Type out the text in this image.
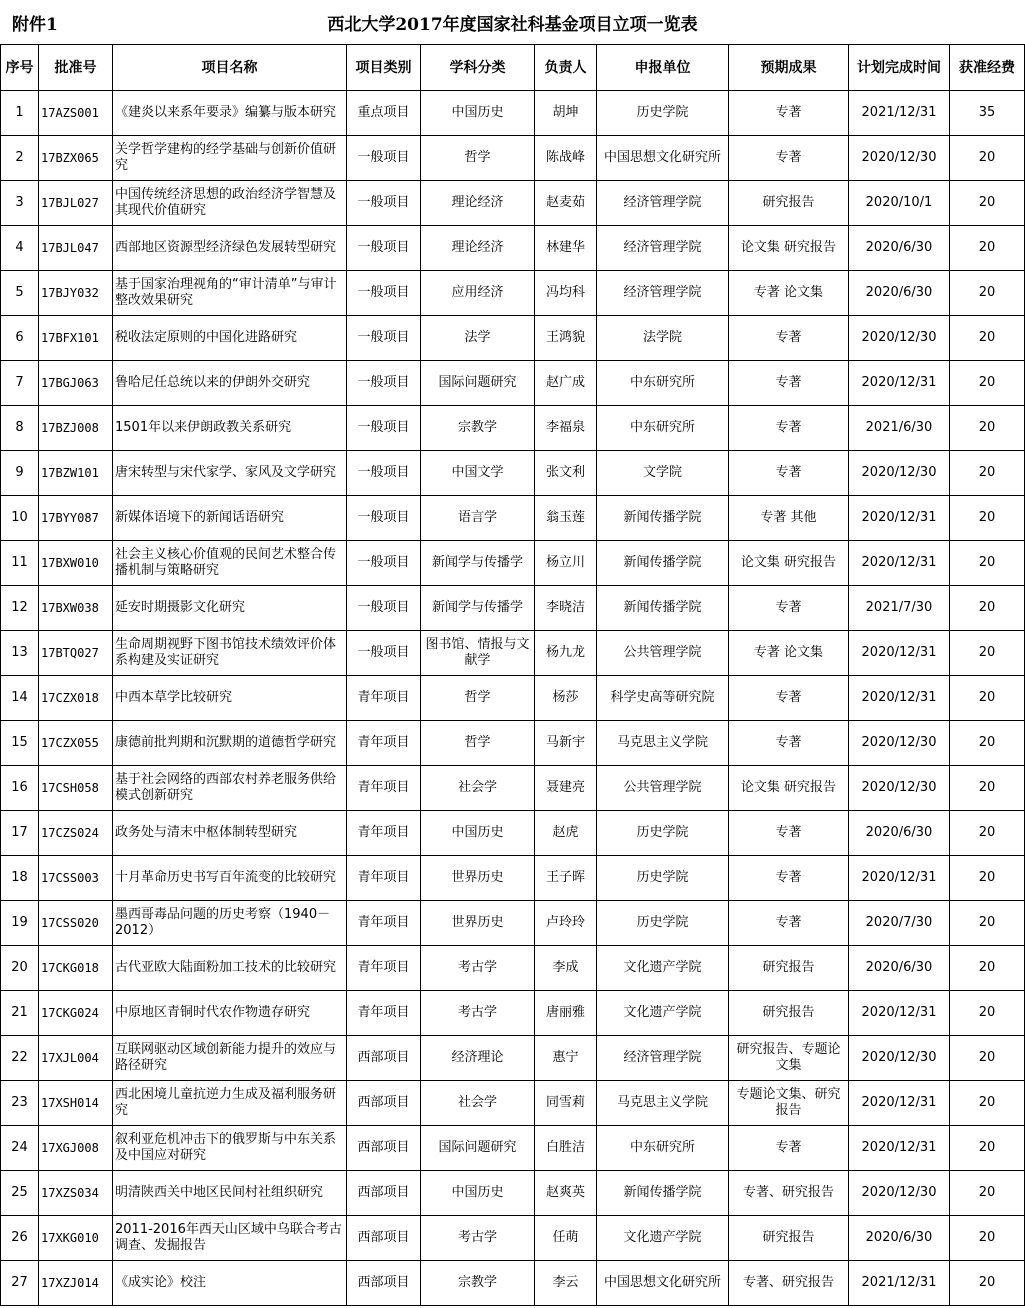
附件1	西北大学2017年度国家社科基金项目立项一览表
序号	批准号	项目名称	项目类别	学科分类	负责人	申报单位	预期成果	计划完成时间	获准经费
1	17AZS001	《建炎以来系年要录》编纂与版本研究	重点项目	中国历史	胡坤	历史学院	专著	2021/12/31	35
2	17BZX065	关学哲学建构的经学基础与创新价值研究	一般项目	哲学	陈战峰	中国思想文化研究所	专著	2020/12/30	20
3	17BJL027	中国传统经济思想的政治经济学智慧及其现代价值研究	一般项目	理论经济	赵麦茹	经济管理学院	研究报告	2020/10/1	20
4	17BJL047	西部地区资源型经济绿色发展转型研究	一般项目	理论经济	林建华	经济管理学院	论文集 研究报告	2020/6/30	20
5	17BJY032	基于国家治理视角的“审计清单”与审计整改效果研究	一般项目	应用经济	冯均科	经济管理学院	专著 论文集	2020/6/30	20
6	17BFX101	税收法定原则的中国化进路研究	一般项目	法学	王鸿貌	法学院	专著	2020/12/30	20
7	17BGJ063	鲁哈尼任总统以来的伊朗外交研究	一般项目	国际问题研究	赵广成	中东研究所	专著	2020/12/31	20
8	17BZJ008	1501年以来伊朗政教关系研究	一般项目	宗教学	李福泉	中东研究所	专著	2021/6/30	20
9	17BZW101	唐宋转型与宋代家学、家风及文学研究	一般项目	中国文学	张文利	文学院	专著	2020/12/30	20
10	17BYY087	新媒体语境下的新闻话语研究	一般项目	语言学	翁玉莲	新闻传播学院	专著 其他	2020/12/31	20
11	17BXW010	社会主义核心价值观的民间艺术整合传播机制与策略研究	一般项目	新闻学与传播学	杨立川	新闻传播学院	论文集 研究报告	2020/12/31	20
12	17BXW038	延安时期摄影文化研究	一般项目	新闻学与传播学	李晓洁	新闻传播学院	专著	2021/7/30	20
13	17BTQ027	生命周期视野下图书馆技术绩效评价体系构建及实证研究	一般项目	图书馆、情报与文献学	杨九龙	公共管理学院	专著 论文集	2020/12/31	20
14	17CZX018	中西本草学比较研究	青年项目	哲学	杨莎	科学史高等研究院	专著	2020/12/31	20
15	17CZX055	康德前批判期和沉默期的道德哲学研究	青年项目	哲学	马新宇	马克思主义学院	专著	2020/12/30	20
16	17CSH058	基于社会网络的西部农村养老服务供给模式创新研究	青年项目	社会学	聂建亮	公共管理学院	论文集 研究报告	2020/12/30	20
17	17CZS024	政务处与清末中枢体制转型研究	青年项目	中国历史	赵虎	历史学院	专著	2020/6/30	20
18	17CSS003	十月革命历史书写百年流变的比较研究	青年项目	世界历史	王子晖	历史学院	专著	2020/12/31	20
19	17CSS020	墨西哥毒品问题的历史考察（1940－2012）	青年项目	世界历史	卢玲玲	历史学院	专著	2020/7/30	20
20	17CKG018	古代亚欧大陆面粉加工技术的比较研究	青年项目	考古学	李成	文化遗产学院	研究报告	2020/6/30	20
21	17CKG024	中原地区青铜时代农作物遗存研究	青年项目	考古学	唐丽雅	文化遗产学院	研究报告	2020/12/31	20
22	17XJL004	互联网驱动区域创新能力提升的效应与路径研究	西部项目	经济理论	惠宁	经济管理学院	研究报告、专题论文集	2020/12/30	20
23	17XSH014	西北困境儿童抗逆力生成及福利服务研究	西部项目	社会学	同雪莉	马克思主义学院	专题论文集、研究报告	2020/12/31	20
24	17XGJ008	叙利亚危机冲击下的俄罗斯与中东关系及中国应对研究	西部项目	国际问题研究	白胜洁	中东研究所	专著	2020/12/31	20
25	17XZS034	明清陕西关中地区民间村社组织研究	西部项目	中国历史	赵爽英	新闻传播学院	专著、研究报告	2020/12/30	20
26	17XKG010	2011-2016年西天山区域中乌联合考古调查、发掘报告	西部项目	考古学	任萌	文化遗产学院	研究报告	2020/6/30	20
27	17XZJ014	《成实论》校注	西部项目	宗教学	李云	中国思想文化研究所	专著、研究报告	2021/12/31	20
